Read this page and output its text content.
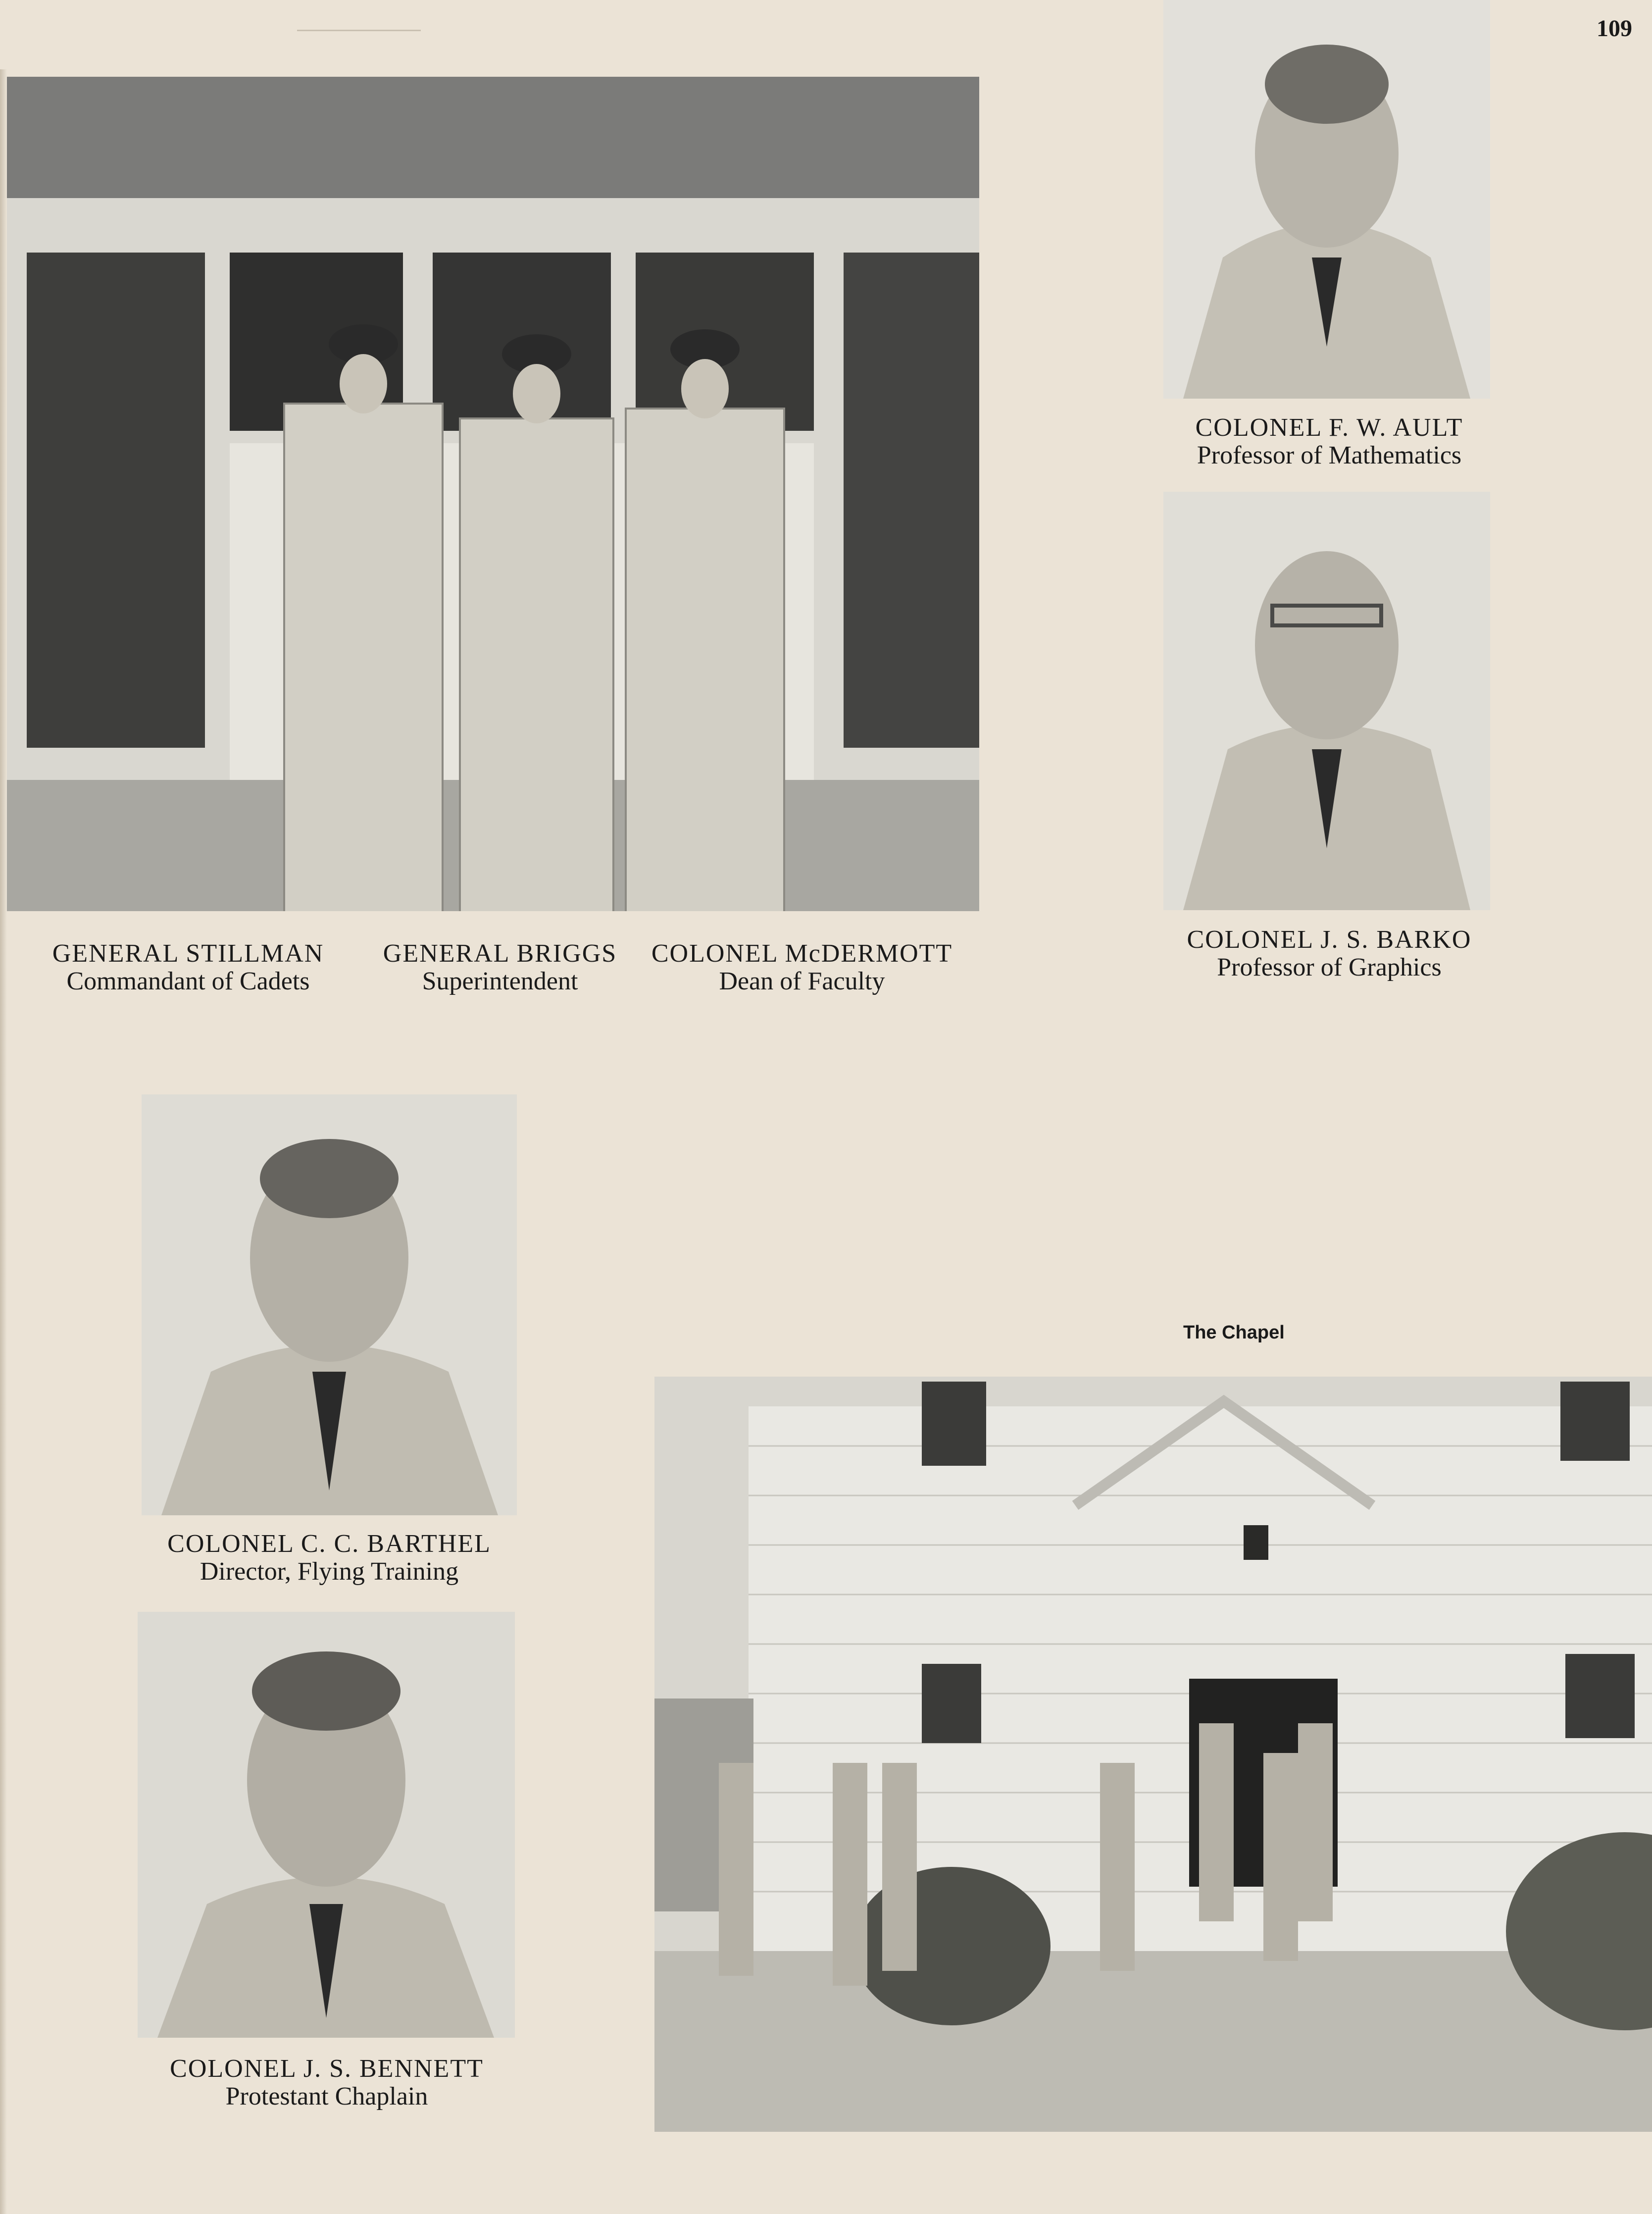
109
GENERAL STILLMAN
Commandant of Cadets
GENERAL BRIGGS
Superintendent
COLONEL McDERMOTT
Dean of Faculty
COLONEL F. W. AULT
Professor of Mathematics
COLONEL J. S. BARKO
Professor of Graphics
COLONEL C. C. BARTHEL
Director, Flying Training
COLONEL J. S. BENNETT
Protestant Chaplain
The Chapel
